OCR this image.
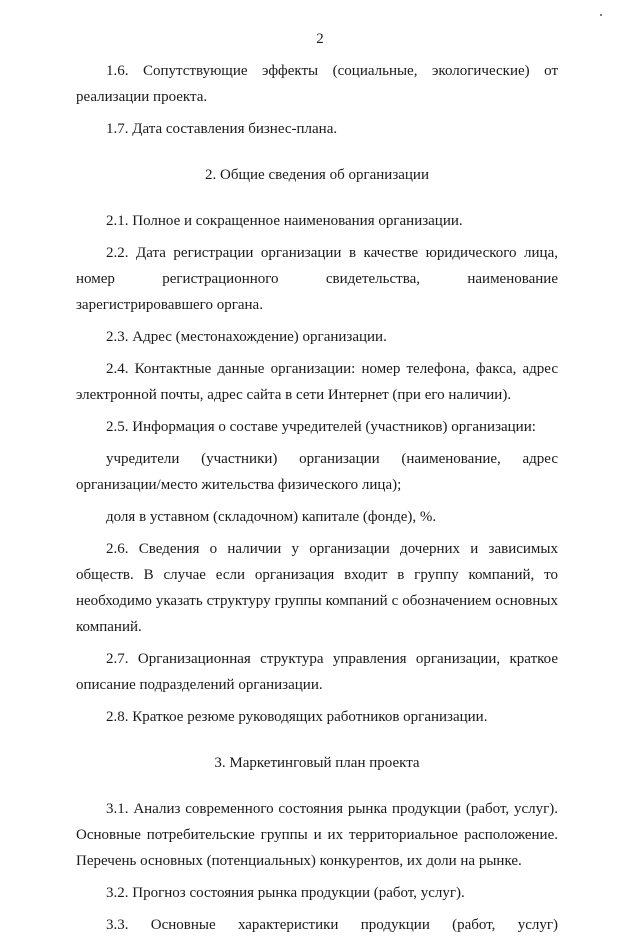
2

1.6. Сопутствующие эффекты (социальные, экологические) от реализации проекта.

1.7. Дата составления бизнес-плана.

2. Общие сведения об организации

2.1. Полное и сокращенное наименования организации.

2.2. Дата регистрации организации в качестве юридического лица, номер регистрационного свидетельства, наименование зарегистрировавшего органа.

2.3. Адрес (местонахождение) организации.

2.4. Контактные данные организации: номер телефона, факса, адрес электронной почты, адрес сайта в сети Интернет (при его наличии).

2.5. Информация о составе учредителей (участников) организации:

учредители (участники) организации (наименование, адрес организации/место жительства физического лица);

доля в уставном (складочном) капитале (фонде), %.

2.6. Сведения о наличии у организации дочерних и зависимых обществ. В случае если организация входит в группу компаний, то необходимо указать структуру группы компаний с обозначением основных компаний.

2.7. Организационная структура управления организации, краткое описание подразделений организации.

2.8. Краткое резюме руководящих работников организации.

3. Маркетинговый план проекта

3.1. Анализ современного состояния рынка продукции (работ, услуг). Основные потребительские группы и их территориальное расположение. Перечень основных (потенциальных) конкурентов, их доли на рынке.

3.2. Прогноз состояния рынка продукции (работ, услуг).

3.3. Основные характеристики продукции (работ, услуг)
